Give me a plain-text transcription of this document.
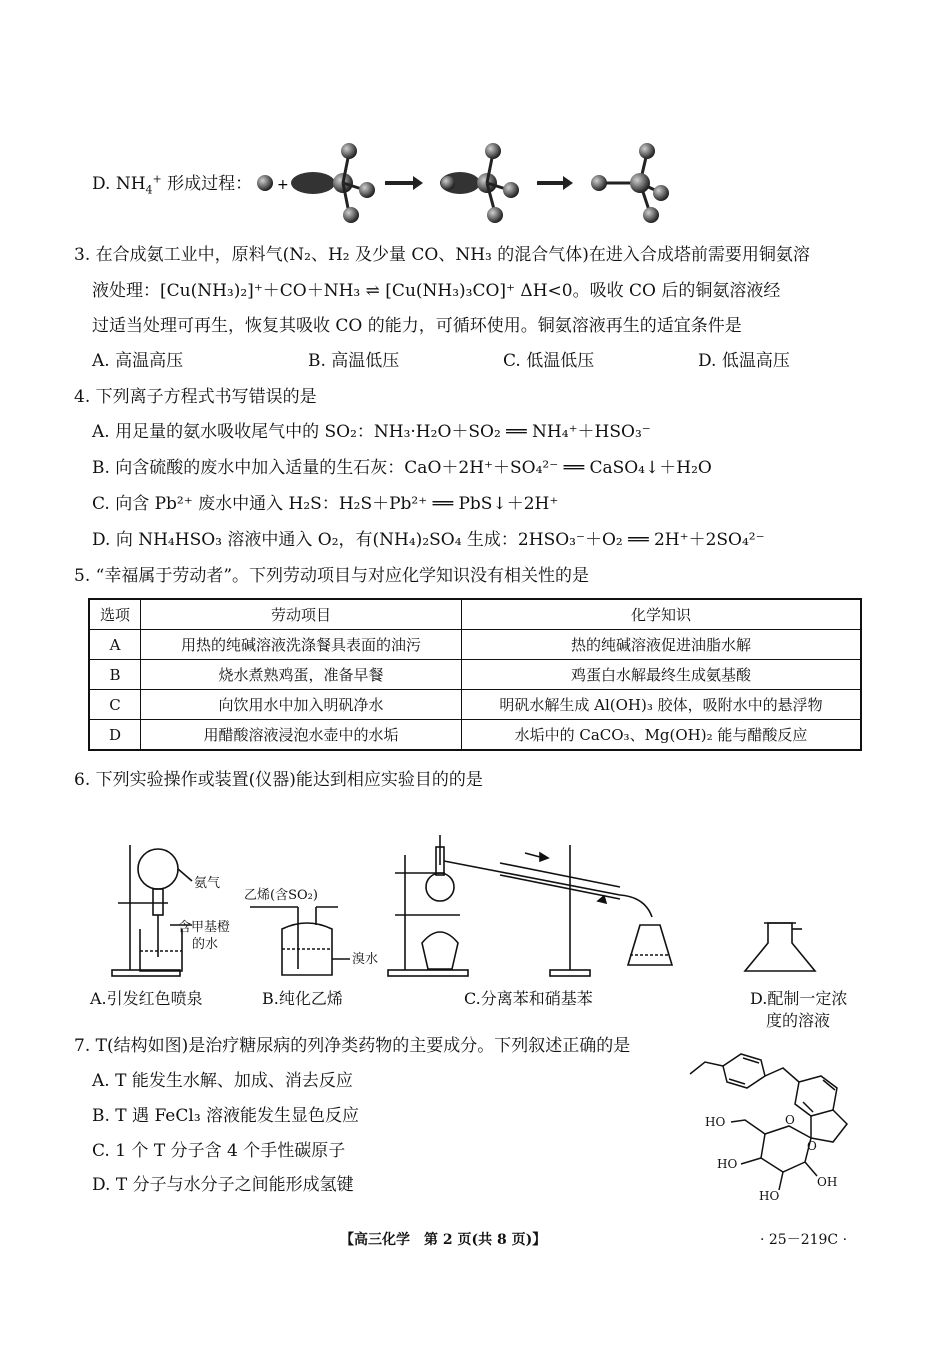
D. $NH_4^+$ 形成过程： +
3. 在合成氨工业中，原料气(N₂、H₂ 及少量 CO、NH₃ 的混合气体)在进入合成塔前需要用铜氨溶
液处理：[Cu(NH₃)₂]⁺＋CO＋NH₃ ⇌ [Cu(NH₃)₃CO]⁺ ΔH<0。吸收 CO 后的铜氨溶液经
过适当处理可再生，恢复其吸收 CO 的能力，可循环使用。铜氨溶液再生的适宜条件是
A. 高温高压	B. 高温低压	C. 低温低压	D. 低温高压
4. 下列离子方程式书写错误的是
A. 用足量的氨水吸收尾气中的 SO₂：NH₃·H₂O＋SO₂ ══ NH₄⁺＋HSO₃⁻
B. 向含硫酸的废水中加入适量的生石灰：CaO＋2H⁺＋SO₄²⁻ ══ CaSO₄↓＋H₂O
C. 向含 Pb²⁺ 废水中通入 H₂S：H₂S＋Pb²⁺ ══ PbS↓＋2H⁺
D. 向 NH₄HSO₃ 溶液中通入 O₂，有(NH₄)₂SO₄ 生成：2HSO₃⁻＋O₂ ══ 2H⁺＋2SO₄²⁻
5. “幸福属于劳动者”。下列劳动项目与对应化学知识没有相关性的是
选项	劳动项目	化学知识
A	用热的纯碱溶液洗涤餐具表面的油污	热的纯碱溶液促进油脂水解
B	烧水煮熟鸡蛋，准备早餐	鸡蛋白水解最终生成氨基酸
C	向饮用水中加入明矾净水	明矾水解生成 Al(OH)₃ 胶体，吸附水中的悬浮物
D	用醋酸溶液浸泡水壶中的水垢	水垢中的 CaCO₃、Mg(OH)₂ 能与醋酸反应
6. 下列实验操作或装置(仪器)能达到相应实验目的的是
氨气
含甲基橙
的水
乙烯(含SO₂)
溴水
A.引发红色喷泉	B.纯化乙烯	C.分离苯和硝基苯	D.配制一定浓
度的溶液
7. T(结构如图)是治疗糖尿病的列净类药物的主要成分。下列叙述正确的是
A. T 能发生水解、加成、消去反应
B. T 遇 FeCl₃ 溶液能发生显色反应
C. 1 个 T 分子含 4 个手性碳原子
D. T 分子与水分子之间能形成氢键
HO
HO
HO
OH
O
O
【高三化学　第 2 页(共 8 页)】	· 25－219C ·
